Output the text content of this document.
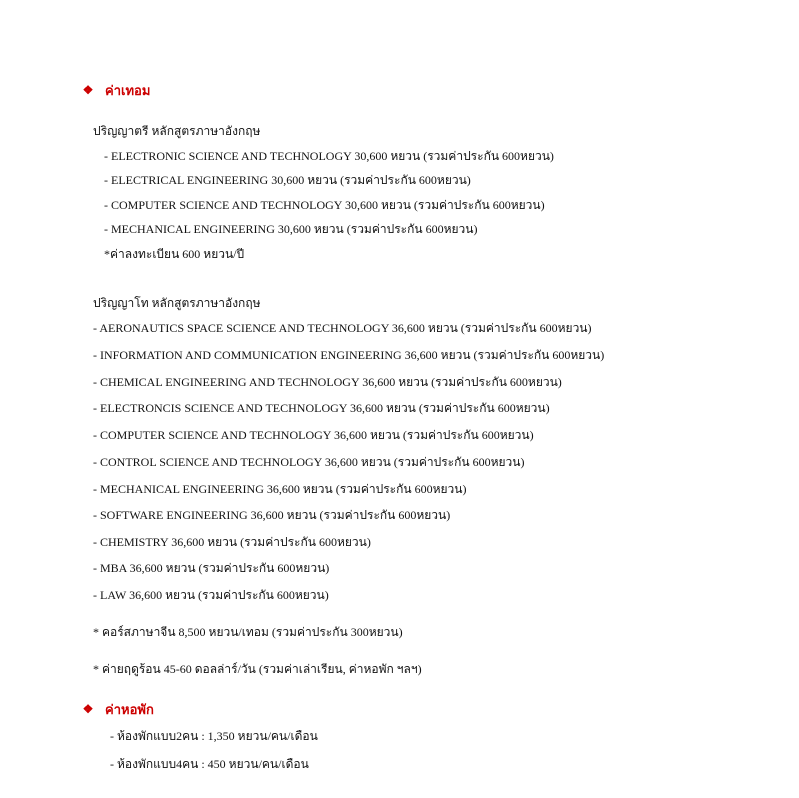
❖ ค่าเทอม
ปริญญาตรี หลักสูตรภาษาอังกฤษ
- ELECTRONIC SCIENCE AND TECHNOLOGY 30,600 หยวน (รวมค่าประกัน 600หยวน)
- ELECTRICAL ENGINEERING 30,600 หยวน (รวมค่าประกัน 600หยวน)
- COMPUTER SCIENCE AND TECHNOLOGY 30,600 หยวน (รวมค่าประกัน 600หยวน)
- MECHANICAL ENGINEERING 30,600 หยวน (รวมค่าประกัน 600หยวน)
*ค่าลงทะเบียน 600 หยวน/ปี
ปริญญาโท หลักสูตรภาษาอังกฤษ
- AERONAUTICS SPACE SCIENCE AND TECHNOLOGY 36,600 หยวน (รวมค่าประกัน 600หยวน)
- INFORMATION AND COMMUNICATION ENGINEERING 36,600 หยวน (รวมค่าประกัน 600หยวน)
- CHEMICAL ENGINEERING AND TECHNOLOGY 36,600 หยวน (รวมค่าประกัน 600หยวน)
- ELECTRONCIS SCIENCE AND TECHNOLOGY 36,600 หยวน (รวมค่าประกัน 600หยวน)
- COMPUTER SCIENCE AND TECHNOLOGY 36,600 หยวน (รวมค่าประกัน 600หยวน)
- CONTROL SCIENCE AND TECHNOLOGY 36,600 หยวน (รวมค่าประกัน 600หยวน)
- MECHANICAL ENGINEERING 36,600 หยวน (รวมค่าประกัน 600หยวน)
- SOFTWARE ENGINEERING 36,600 หยวน (รวมค่าประกัน 600หยวน)
- CHEMISTRY 36,600 หยวน (รวมค่าประกัน 600หยวน)
- MBA 36,600 หยวน (รวมค่าประกัน 600หยวน)
- LAW 36,600 หยวน (รวมค่าประกัน 600หยวน)
* คอร์สภาษาจีน 8,500 หยวน/เทอม (รวมค่าประกัน 300หยวน)
* ค่ายฤดูร้อน 45-60 ดอลล่าร์/วัน (รวมค่าเล่าเรียน, ค่าหอพัก ฯลฯ)
❖ ค่าหอพัก
- ห้องพักแบบ2คน : 1,350 หยวน/คน/เดือน
- ห้องพักแบบ4คน : 450 หยวน/คน/เดือน
